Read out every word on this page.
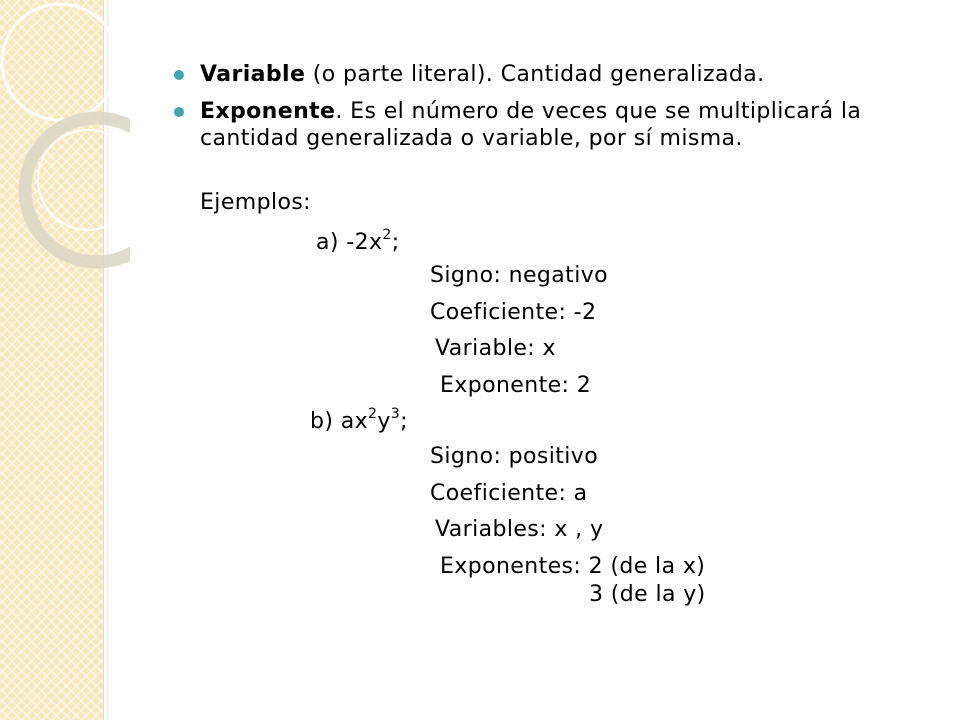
Variable (o parte literal). Cantidad generalizada.
Exponente. Es el número de veces que se multiplicará la
cantidad generalizada o variable, por sí misma.
Ejemplos:
a) $-2x^2$;
Signo: negativo
Coeficiente: -2
Variable: x
Exponente: 2
b) $ax^2y^3$;
Signo: positivo
Coeficiente: a
Variables: x , y
Exponentes: 2 (de la x)
3 (de la y)
